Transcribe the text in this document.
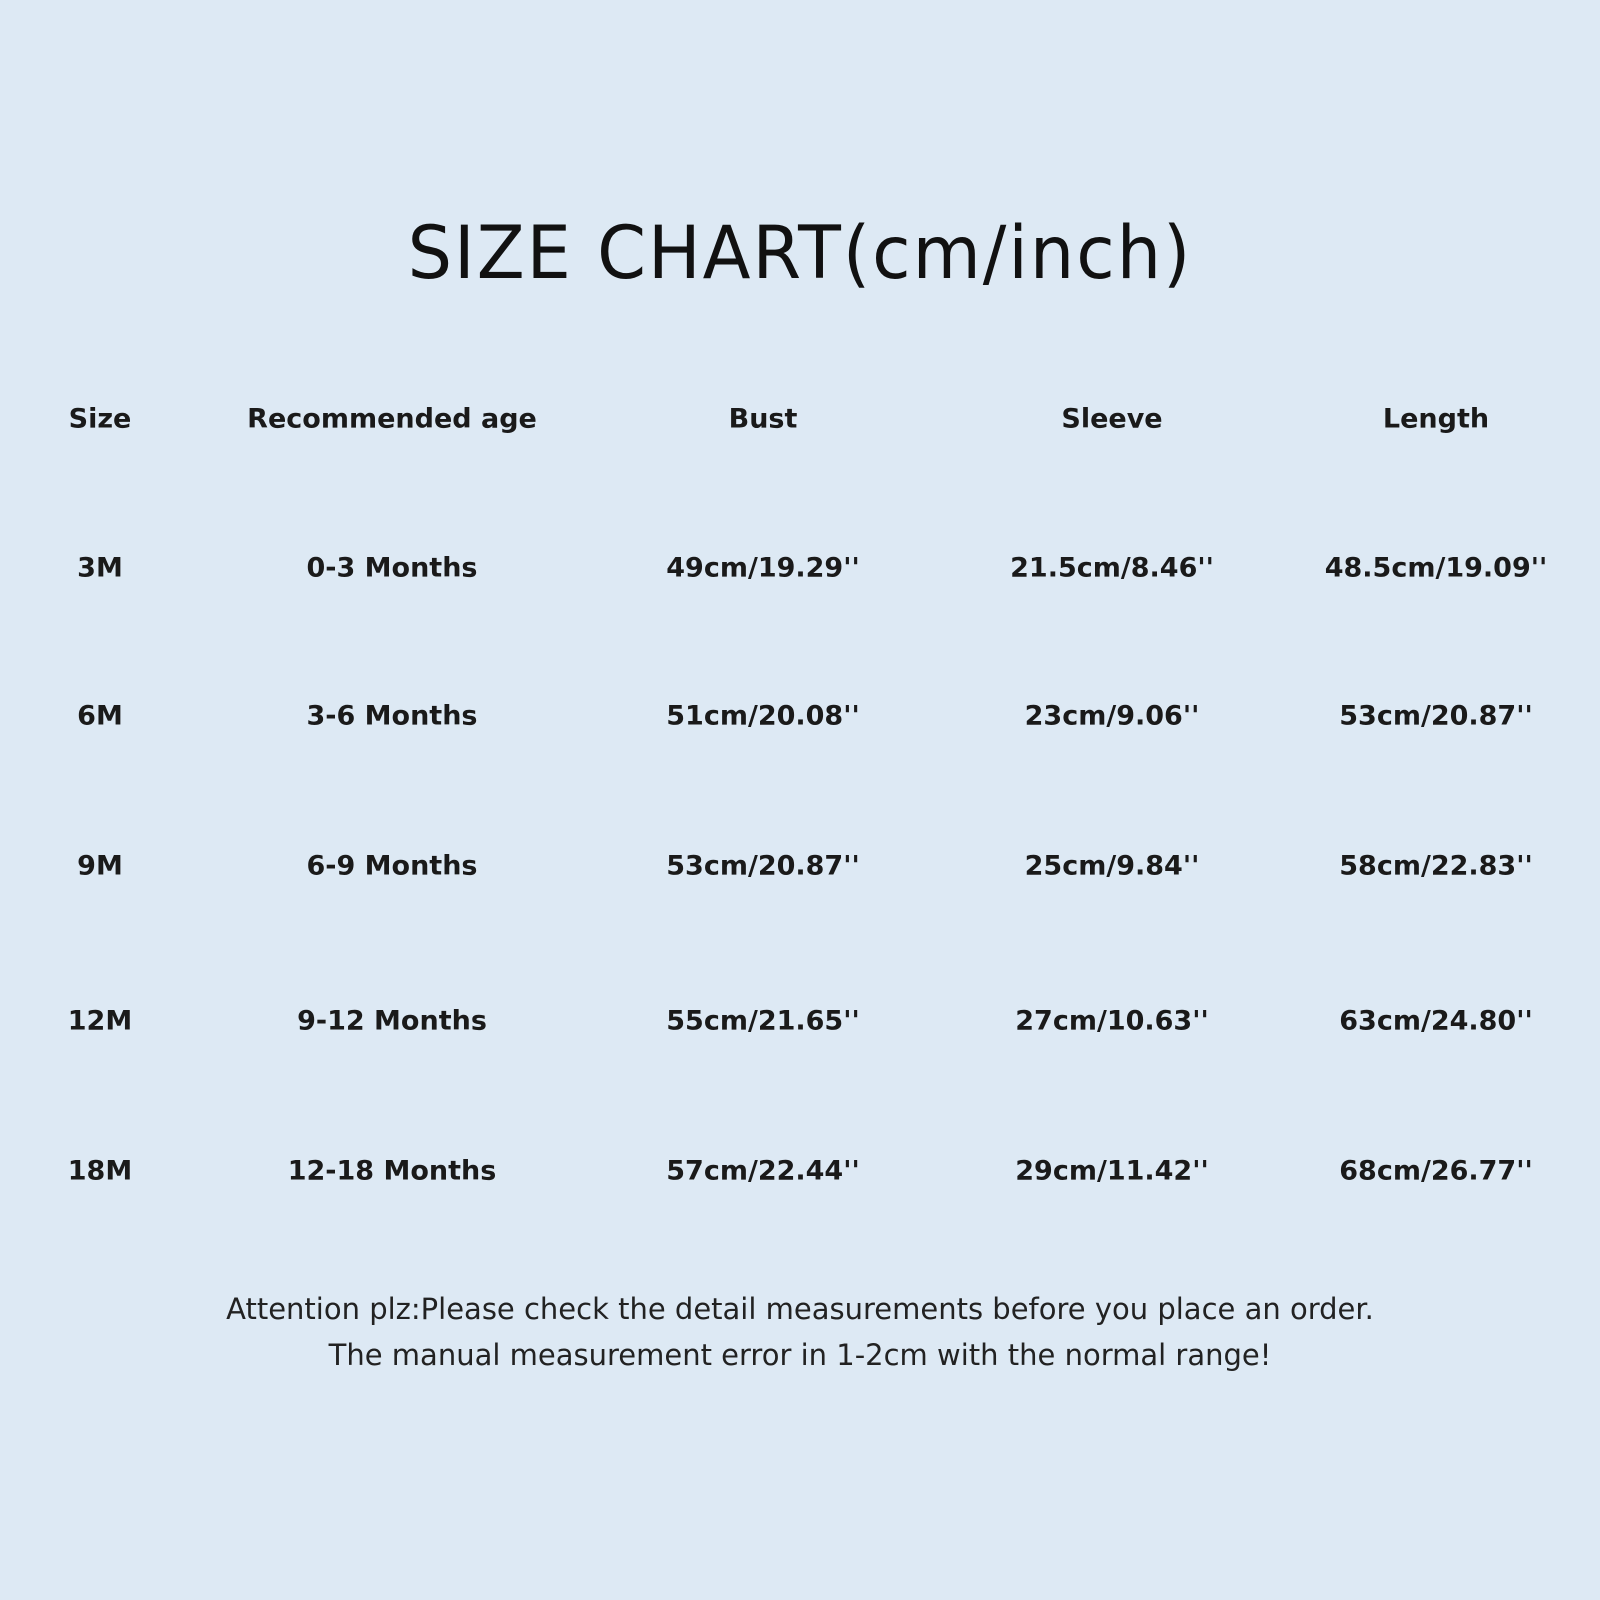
SIZE CHART(cm/inch)
Size	Recommended age	Bust	Sleeve	Length
3M	0-3 Months	49cm/19.29''	21.5cm/8.46''	48.5cm/19.09''
6M	3-6 Months	51cm/20.08''	23cm/9.06''	53cm/20.87''
9M	6-9 Months	53cm/20.87''	25cm/9.84''	58cm/22.83''
12M	9-12 Months	55cm/21.65''	27cm/10.63''	63cm/24.80''
18M	12-18 Months	57cm/22.44''	29cm/11.42''	68cm/26.77''
Attention plz:Please check the detail measurements before you place an order.
The manual measurement error in 1-2cm with the normal range!
